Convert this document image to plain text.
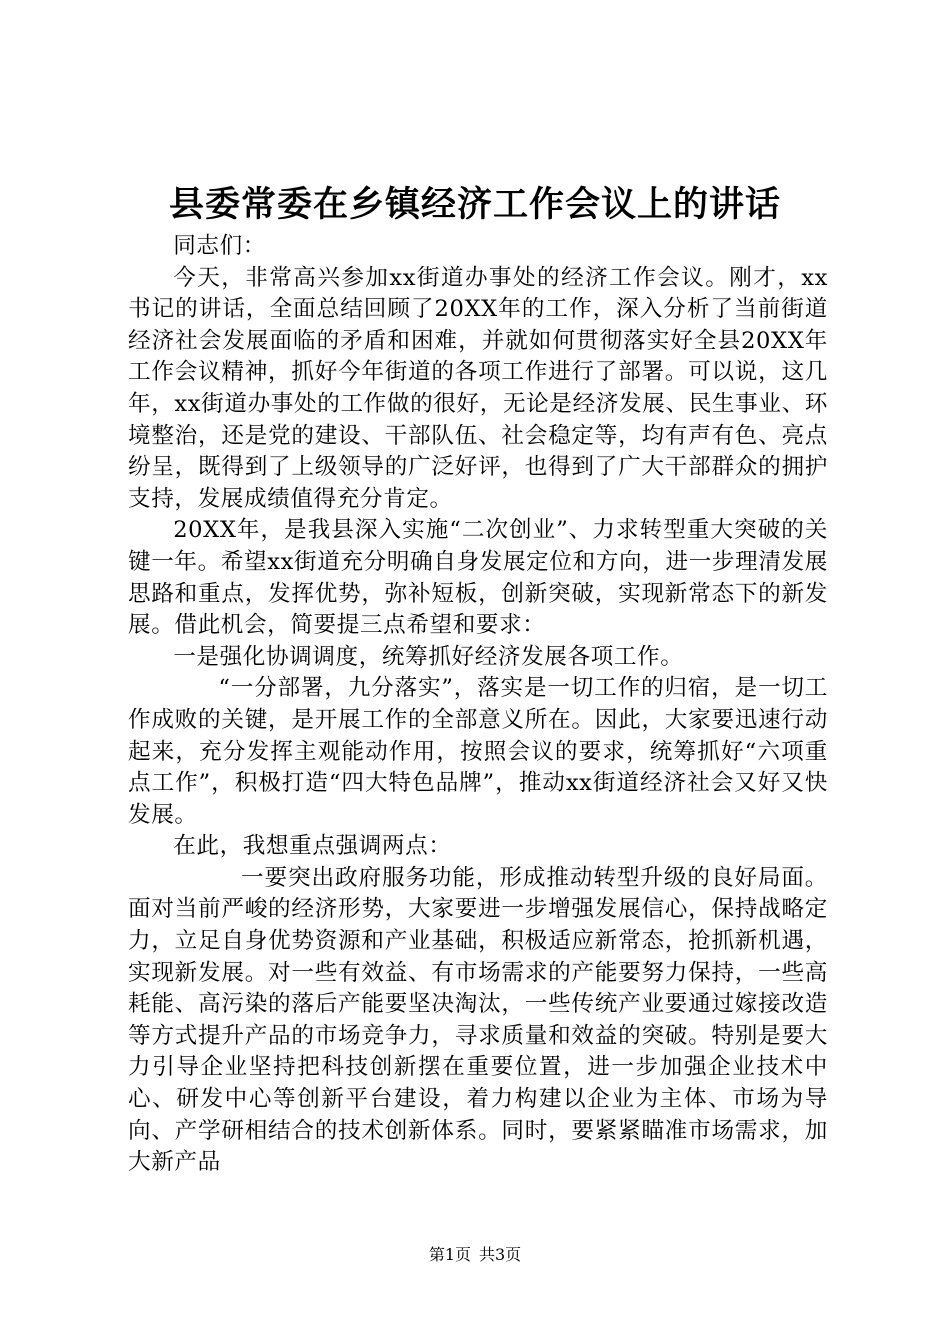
县委常委在乡镇经济工作会议上的讲话

同志们：

今天，非常高兴参加xx街道办事处的经济工作会议。刚才，xx书记的讲话，全面总结回顾了20XX年的工作，深入分析了当前街道经济社会发展面临的矛盾和困难，并就如何贯彻落实好全县20XX年工作会议精神，抓好今年街道的各项工作进行了部署。可以说，这几年，xx街道办事处的工作做的很好，无论是经济发展、民生事业、环境整治，还是党的建设、干部队伍、社会稳定等，均有声有色、亮点纷呈，既得到了上级领导的广泛好评，也得到了广大干部群众的拥护支持，发展成绩值得充分肯定。

20XX年，是我县深入实施“二次创业”、力求转型重大突破的关键一年。希望xx街道充分明确自身发展定位和方向，进一步理清发展思路和重点，发挥优势，弥补短板，创新突破，实现新常态下的新发展。借此机会，简要提三点希望和要求：

一是强化协调调度，统筹抓好经济发展各项工作。

“一分部署，九分落实”，落实是一切工作的归宿，是一切工作成败的关键，是开展工作的全部意义所在。因此，大家要迅速行动起来，充分发挥主观能动作用，按照会议的要求，统筹抓好“六项重点工作”，积极打造“四大特色品牌”，推动xx街道经济社会又好又快发展。

在此，我想重点强调两点：

一要突出政府服务功能，形成推动转型升级的良好局面。面对当前严峻的经济形势，大家要进一步增强发展信心，保持战略定力，立足自身优势资源和产业基础，积极适应新常态，抢抓新机遇，实现新发展。对一些有效益、有市场需求的产能要努力保持，一些高耗能、高污染的落后产能要坚决淘汰，一些传统产业要通过嫁接改造等方式提升产品的市场竞争力，寻求质量和效益的突破。特别是要大力引导企业坚持把科技创新摆在重要位置，进一步加强企业技术中心、研发中心等创新平台建设，着力构建以企业为主体、市场为导向、产学研相结合的技术创新体系。同时，要紧紧瞄准市场需求，加大新产品

第1页 共3页
